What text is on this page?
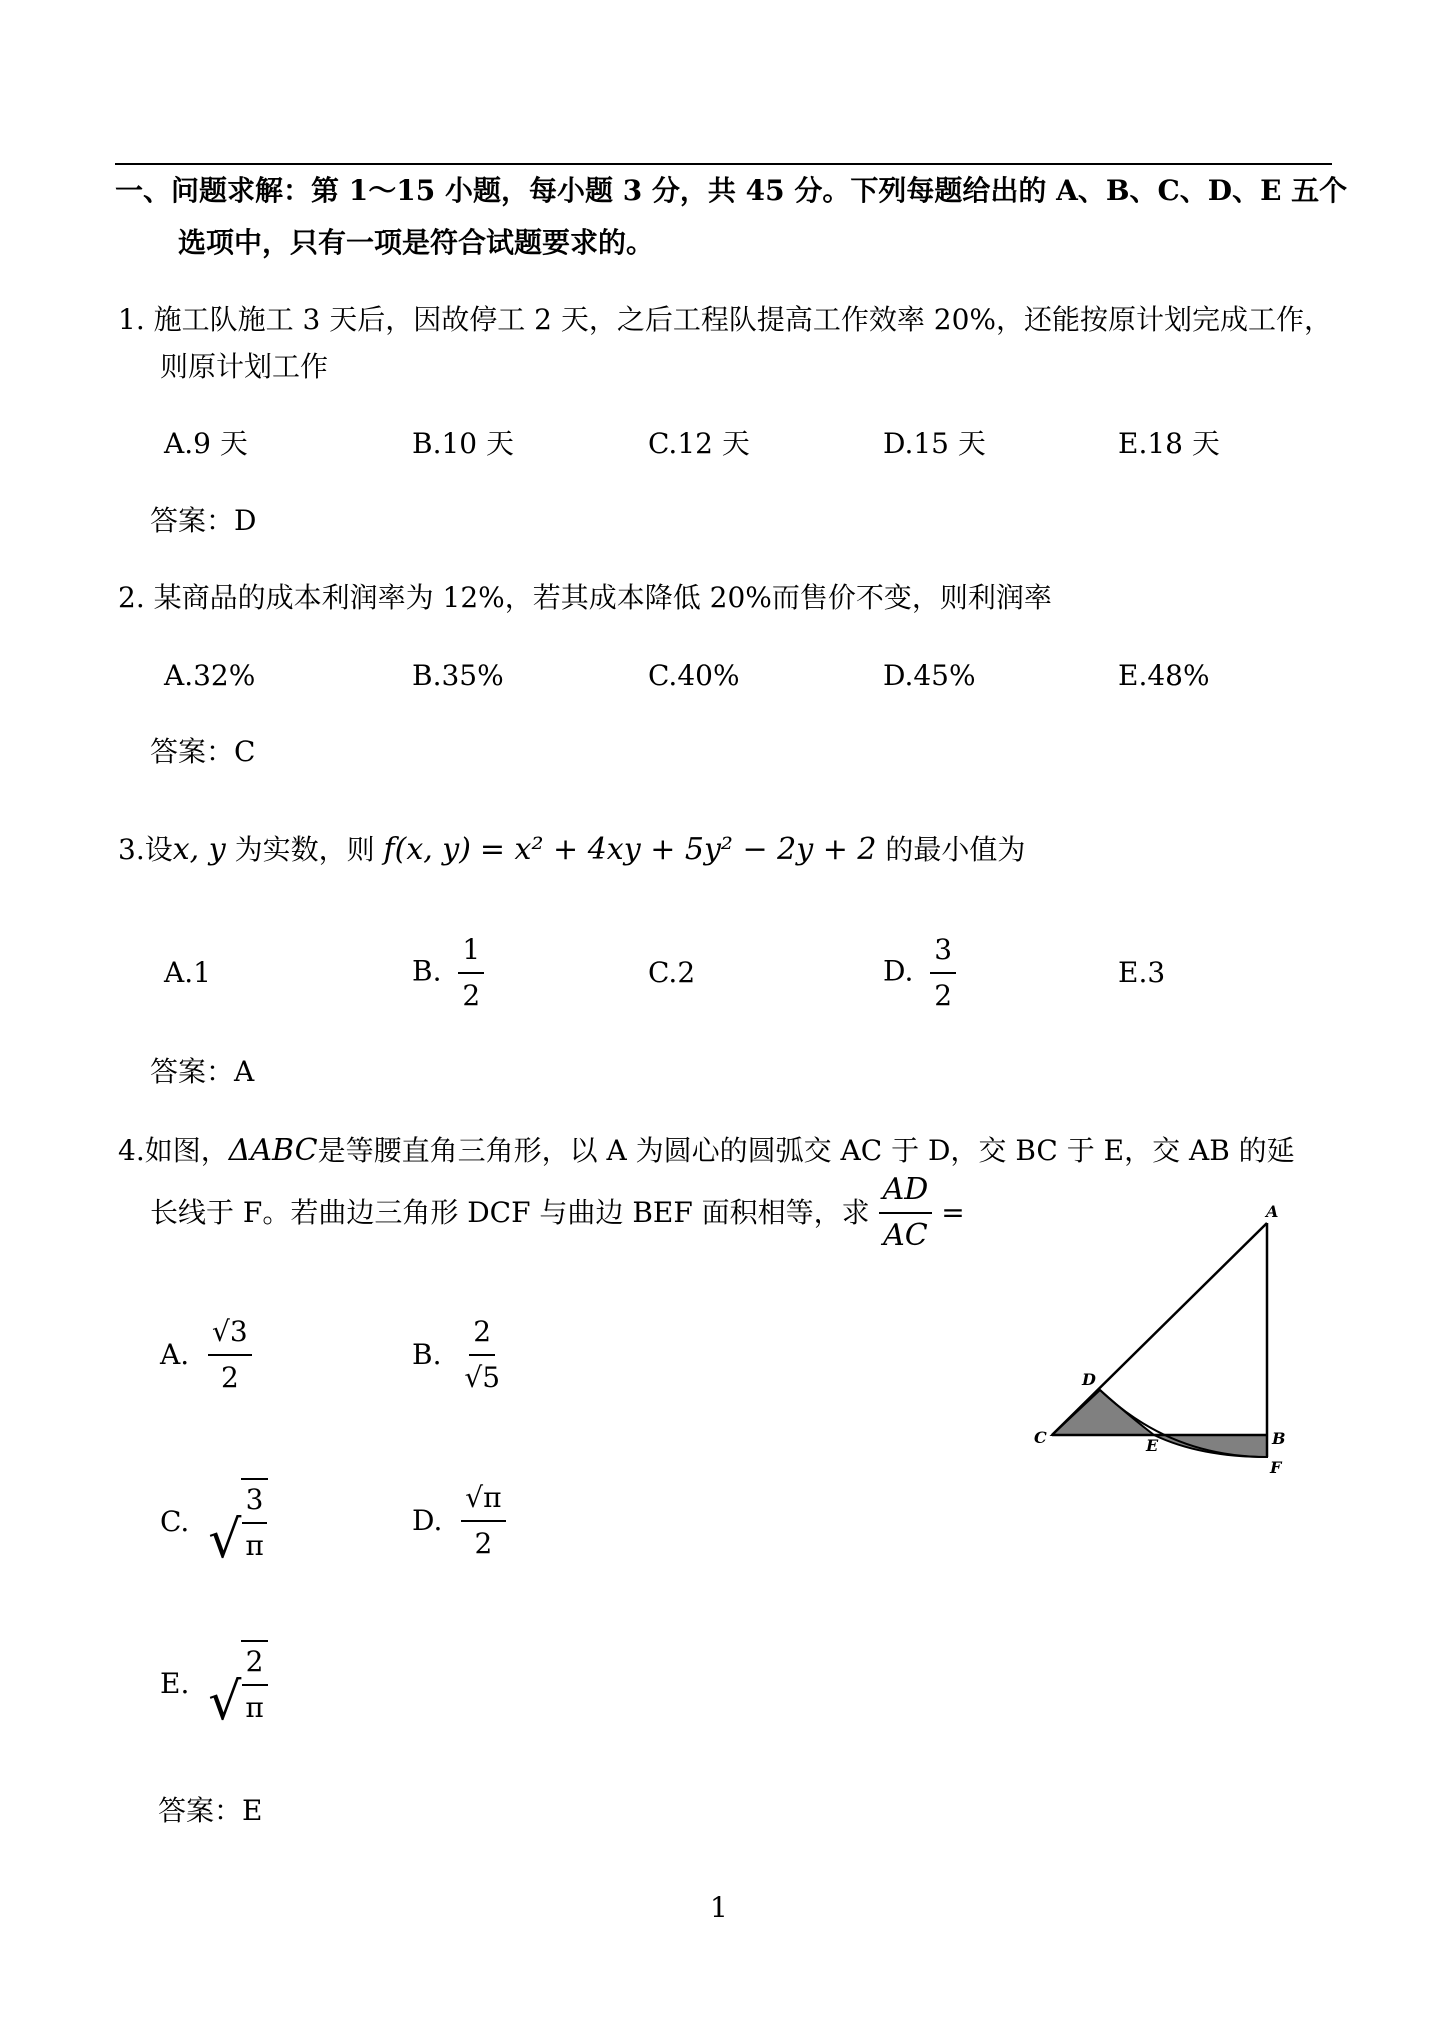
一、问题求解：第 1～15 小题，每小题 3 分，共 45 分。下列每题给出的 A、B、C、D、E 五个
选项中，只有一项是符合试题要求的。
1. 施工队施工 3 天后，因故停工 2 天，之后工程队提高工作效率 20%，还能按原计划完成工作，
则原计划工作
A.9 天	B.10 天	C.12 天	D.15 天	E.18 天
答案：D
2. 某商品的成本利润率为 12%，若其成本降低 20%而售价不变，则利润率
A.32%	B.35%	C.40%	D.45%	E.48%
答案：C
3.设x, y 为实数，则 f(x, y) = x² + 4xy + 5y² − 2y + 2 的最小值为
A.1	B. $\frac{1}{2}$	C.2	D. $\frac{3}{2}$	E.3
答案：A
4.如图，ΔABC是等腰直角三角形，以 A 为圆心的圆弧交 AC 于 D，交 BC 于 E，交 AB 的延
长线于 F。若曲边三角形 DCF 与曲边 BEF 面积相等，求 $\frac{AD}{AC}$ =
A. $\frac{√3}{2}$	B. $\frac{2}{√5}$
C. √ $\frac{3}{\pi}$	D. $\frac{√\pi}{2}$
E. √ $\frac{2}{\pi}$
答案：E
A
D
C	E	B
F
1
